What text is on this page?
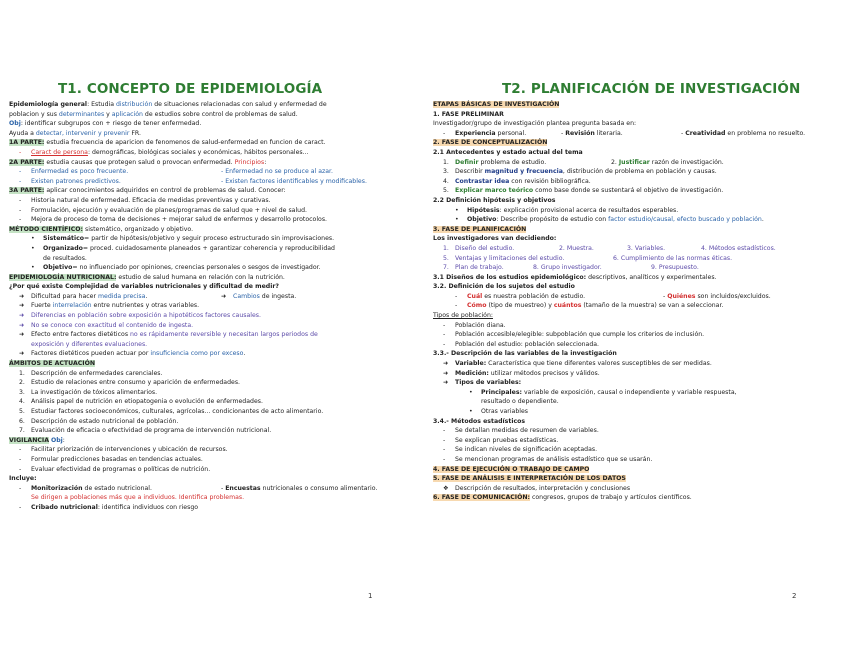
T1. CONCEPTO DE EPIDEMIOLOGÍA
Epidemiología general: Estudia distribución de situaciones relacionadas con salud y enfermedad de
poblacion y sus determinantes y aplicación de estudios sobre control de problemas de salud.
Obj: identificar subgrupos con + riesgo de tener enfermedad.
Ayuda a detectar, intervenir y prevenir FR.
1A PARTE: estudia frecuencia de aparicion de fenomenos de salud-enfermedad en funcion de caract.
- Caract de persona: demográficas, biológicas sociales y económicas, hábitos personales...
2A PARTE: estudia causas que protegen salud o provocan enfermedad. Principios:
- Enfermedad es poco frecuente.	- Enfermedad no se produce al azar.
- Existen patrones predictivos.	- Existen factores identificables y modificables.
3A PARTE: aplicar conocimientos adquiridos en control de problemas de salud. Conocer:
- Historia natural de enfermedad. Eficacia de medidas preventivas y curativas.
- Formulación, ejecución y evaluación de planes/programas de salud que + nivel de salud.
- Mejora de proceso de toma de decisiones + mejorar salud de enfermos y desarrollo protocolos.
MÉTODO CIENTÍFICO: sistemático, organizado y objetivo.
• Sistemático= partir de hipótesis/objetivo y seguir proceso estructurado sin improvisaciones.
• Organizado= proced. cuidadosamente planeados + garantizar coherencia y reproducibilidad
de resultados.
• Objetivo= no influenciado por opiniones, creencias personales o sesgos de investigador.
EPIDEMIOLOGÍA NUTRICIONAL: estudio de salud humana en relación con la nutrición.
¿Por qué existe Complejidad de variables nutricionales y dificultad de medir?
➜ Dificultad para hacer medida precisa.	➜ Cambios de ingesta.
➜ Fuerte interrelación entre nutrientes y otras variables.
➜ Diferencias en población sobre exposición a hipotéticos factores causales.
➜ No se conoce con exactitud el contenido de ingesta.
➜ Efecto entre factores dietéticos no es rápidamente reversible y necesitan largos periodos de
exposición y diferentes evaluaciones.
➜ Factores dietéticos pueden actuar por insuficiencia como por exceso.
ÁMBITOS DE ACTUACIÓN
1. Descripción de enfermedades carenciales.
2. Estudio de relaciones entre consumo y aparición de enfermedades.
3. La investigación de tóxicos alimentarios.
4. Análisis papel de nutrición en etiopatogenia o evolución de enfermedades.
5. Estudiar factores socioeconómicos, culturales, agrícolas... condicionantes de acto alimentario.
6. Descripción de estado nutricional de población.
7. Evaluación de eficacia o efectividad de programa de intervención nutricional.
VIGILANCIA Obj:
- Facilitar priorización de intervenciones y ubicación de recursos.
- Formular predicciones basadas en tendencias actuales.
- Evaluar efectividad de programas o políticas de nutrición.
Incluye:
- Monitorización de estado nutricional.	- Encuestas nutricionales o consumo alimentario.
Se dirigen a poblaciones más que a individuos. Identifica problemas.
- Cribado nutricional: identifica individuos con riesgo
1
T2. PLANIFICACIÓN DE INVESTIGACIÓN
ETAPAS BÁSICAS DE INVESTIGACIÓN
1. FASE PRELIMINAR
Investigador/grupo de investigación plantea pregunta basada en:
- Experiencia personal.	- Revisión literaria.	- Creatividad en problema no resuelto.
2. FASE DE CONCEPTUALIZACIÓN
2.1 Antecedentes y estado actual del tema
1. Definir problema de estudio.	2. Justificar razón de investigación.
3. Describir magnitud y frecuencia, distribución de problema en población y causas.
4. Contrastar idea con revisión bibliográfica.
5. Explicar marco teórico como base donde se sustentará el objetivo de investigación.
2.2 Definición hipótesis y objetivos
• Hipótesis: explicación provisional acerca de resultados esperables.
• Objetivo: Describe propósito de estudio con factor estudio/causal, efecto buscado y población.
3. FASE DE PLANIFICACIÓN
Los investigadores van decidiendo:
1. Diseño del estudio.	2. Muestra.	3. Variables.	4. Métodos estadísticos.
5. Ventajas y limitaciones del estudio.	6. Cumplimiento de las normas éticas.
7. Plan de trabajo.	8. Grupo investigador.	9. Presupuesto.
3.1 Diseños de los estudios epidemiológico: descriptivos, analíticos y experimentales.
3.2. Definición de los sujetos del estudio
- Cuál es nuestra población de estudio.	- Quiénes son incluidos/excluidos.
- Cómo (tipo de muestreo) y cuántos (tamaño de la muestra) se van a seleccionar.
Tipos de población:
- Población diana.
- Población accesible/elegible: subpoblación que cumple los criterios de inclusión.
- Población del estudio: población seleccionada.
3.3.- Descripción de las variables de la investigación
➜ Variable: Característica que tiene diferentes valores susceptibles de ser medidas.
➜ Medición: utilizar métodos precisos y válidos.
➜ Tipos de variables:
• Principales: variable de exposición, causal o independiente y variable respuesta,
resultado o dependiente.
• Otras variables
3.4.- Métodos estadísticos
- Se detallan medidas de resumen de variables.
- Se explican pruebas estadísticas.
- Se indican niveles de significación aceptadas.
- Se mencionan programas de análisis estadístico que se usarán.
4. FASE DE EJECUCIÓN O TRABAJO DE CAMPO
5. FASE DE ANÁLISIS E INTERPRETACIÓN DE LOS DATOS
❖ Descripción de resultados, interpretación y conclusiones
6. FASE DE COMUNICACIÓN: congresos, grupos de trabajo y artículos científicos.
2
